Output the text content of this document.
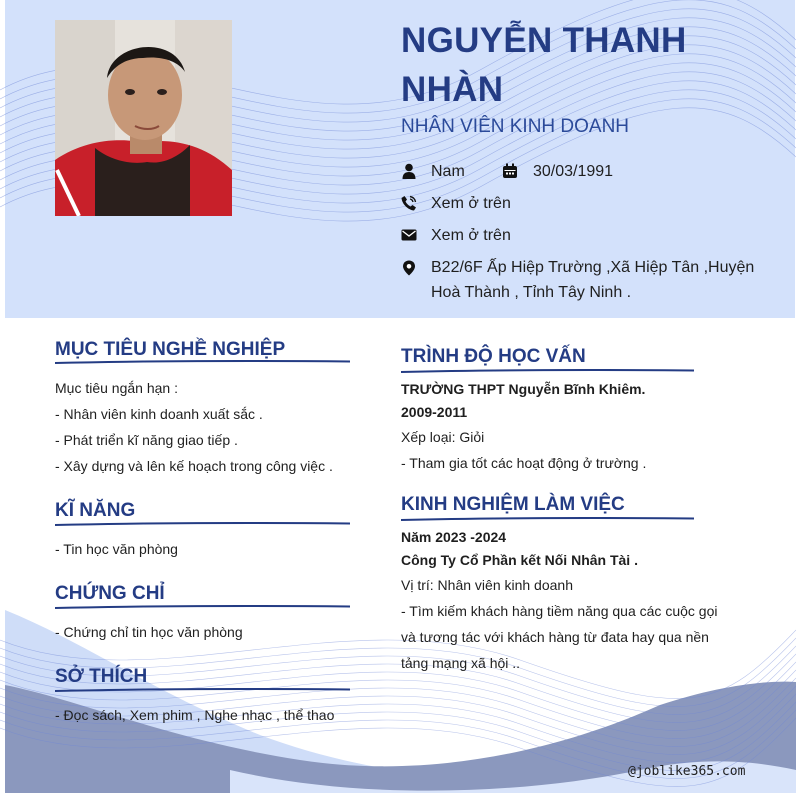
NGUYỄN THANH NHÀN

NHÂN VIÊN KINH DOANH

Nam	30/03/1991
Xem ở trên
Xem ở trên
B22/6F Ấp Hiệp Trường ,Xã Hiệp Tân ,Huyện
Hoà Thành , Tỉnh Tây Ninh .
MỤC TIÊU NGHỀ NGHIỆP
Mục tiêu ngắn hạn :
- Nhân viên kinh doanh xuất sắc .
- Phát triển kĩ năng giao tiếp .
- Xây dựng và lên kế hoạch trong công việc .
KĨ NĂNG
- Tin học văn phòng
CHỨNG CHỈ
- Chứng chỉ tin học văn phòng
SỞ THÍCH
- Đọc sách, Xem phim , Nghe nhạc , thể thao
TRÌNH ĐỘ HỌC VẤN
TRƯỜNG THPT Nguyễn Bĩnh Khiêm.
2009-2011
Xếp loại: Giỏi
- Tham gia tốt các hoạt động ở trường .
KINH NGHIỆM LÀM VIỆC
Năm 2023 -2024
Công Ty Cổ Phần kết Nối Nhân Tài .
Vị trí: Nhân viên kinh doanh
- Tìm kiếm khách hàng tiềm năng qua các cuộc gọi
và tương tác với khách hàng từ đata hay qua nền
tảng mạng xã hội ..
@joblike365.com
